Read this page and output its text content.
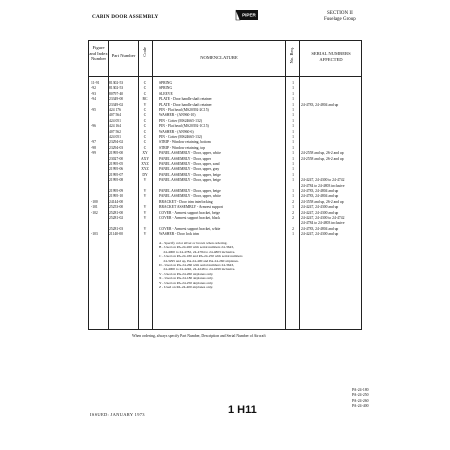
CABIN DOOR ASSEMBLY	PIPER	SECTION II
Fuselage Group
Figure and Index Number
Part Number	Code
NOMENCLATURE	No. Req.	SERIAL NUMBERS AFFECTED
11-91	81302-53	C	SPRING	1
-92	81302-53	C	SPRING	1
-93	80797-40	C	SLEEVE	1
-94	23349-00	BC	PLATE - Door handle shaft retainer	1
23349-02	V	PLATE - Door handle shaft retainer	1	24-4783, 24-4804 and up
-95	424 176	C	PIN - Flat head (MS20392-2C15)	1
407 564	C	WASHER - (AN960-10)	1
424 051	C	PIN - Cotter (MS24665-132)	1
-96	424 164	C	PIN - Flat head (MS20392-1C15)	1
407 562	C	WASHER - (AN960-6)	1
424 051	C	PIN - Cotter (MS24665-132)	1
-97	23294-02	C	STRIP - Window retaining, bottom	1
-98	23294-03	C	STRIP - Window retaining, top	1
-99	21995-00	XY	PANEL ASSEMBLY - Door, upper, white	1	24-2558 and up, 26-2 and up
23027-00	AXY	PANEL ASSEMBLY - Door, upper	1	24-2558 and up, 26-2 and up
21995-05	XYZ	PANEL ASSEMBLY - Door, upper, sand	1
21995-06	XYZ	PANEL ASSEMBLY - Door, upper, gray	1
21995-07	DY	PANEL ASSEMBLY - Door, upper, beige	1
21995-08	V	PANEL ASSEMBLY - Door, upper, beige	1	24-4247, 24-4300 to 24-4742
24-4784 to 24-4803 inclusive
21995-09	V	PANEL ASSEMBLY - Door, upper, beige	1	24-4783, 24-4804 and up
21995-10	V	PANEL ASSEMBLY - Door, upper, white	1	24-4783, 24-4804 and up
-100	24144-00	BRACKET - Door trim interlocking	2	24-3558 and up, 26-2 and up
-101	25253-00	V	BRACKET ASSEMBLY - Armrest support	1	24-4247, 24-4300 and up
-102	25281-00	V	COVER - Armrest support bracket, beige	2	24-4247, 24-4300 and up
25281-02	V	COVER - Armrest support bracket, black	2	24-4247, 24-4300 to 24-4742
24-4784 to 24-4803 inclusive
25281-03	V	COVER - Armrest support bracket, white	2	24-4783, 24-4804 and up
-103	21140-00	V	WASHER - Door lock trim	1	24-4247, 24-4300 and up
A - Specify color silver or brown when ordering.
B - Used on PA-24-260 with serial numbers 24-3643,
24-4000 to 24-4782, 24-4784 to 24-4803 inclusive.
C - Used on PA-24-180 and PA-24-250 with serial numbers
24-3295 and up, PA-24-400 and PA-24-260 airplanes.
D - Used on PA-24-260 with serial numbers 24-3643,
24-4000 to 24-4246, 24-4248 to 24-4299 inclusive.
V - Used on PA-24-260 airplanes only.
X - Used on PA-24-180 airplanes only.
Y - Used on PA-24-250 airplanes only.
Z - Used on PA-24-400 airplanes only.
When ordering, always specify Part Number, Description and Serial Number of Aircraft
ISSUED: JANUARY 1973	1 H11
PA-24-180
PA-24-250
PA-24-260
PA-24-400
